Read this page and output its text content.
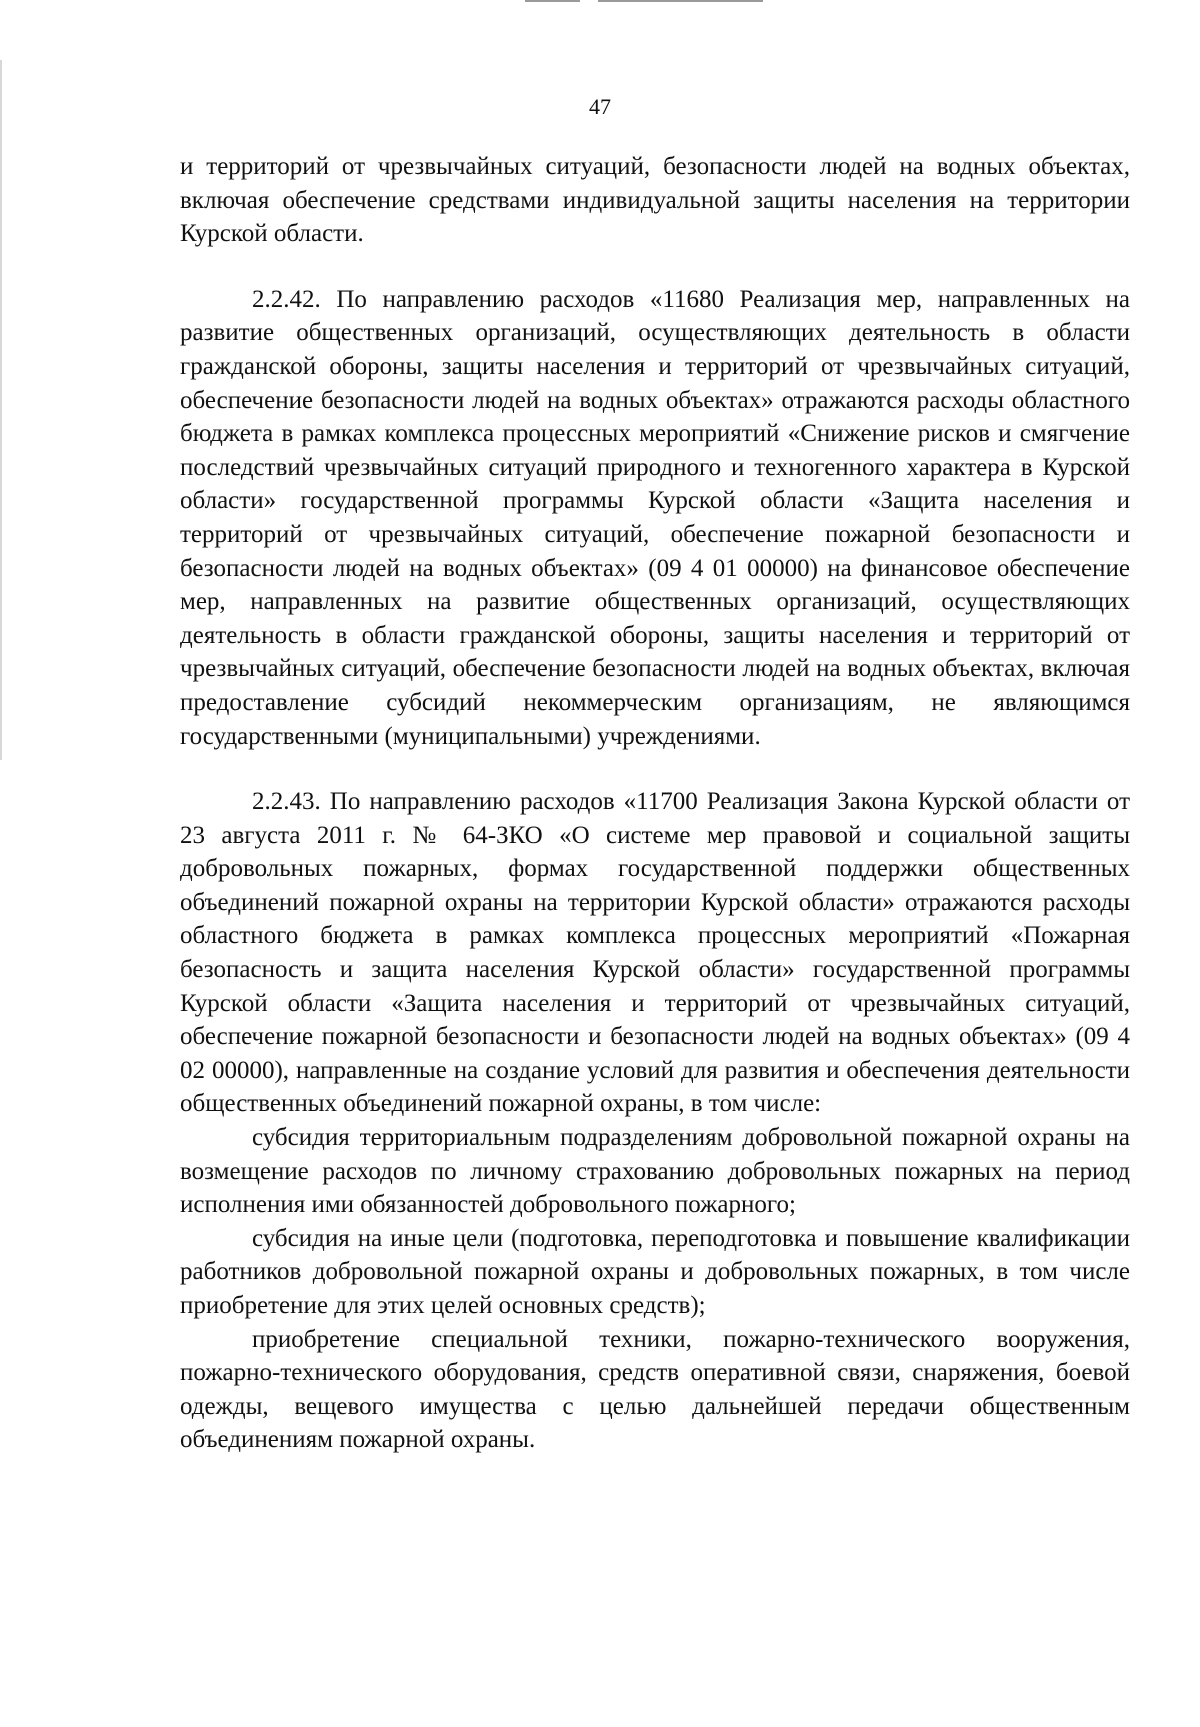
47

и территорий от чрезвычайных ситуаций, безопасности людей на водных объектах, включая обеспечение средствами индивидуальной защиты населения на территории Курской области.

2.2.42. По направлению расходов «11680 Реализация мер, направленных на развитие общественных организаций, осуществляющих деятельность в области гражданской обороны, защиты населения и территорий от чрезвычайных ситуаций, обеспечение безопасности людей на водных объектах» отражаются расходы областного бюджета в рамках комплекса процессных мероприятий «Снижение рисков и смягчение последствий чрезвычайных ситуаций природного и техногенного характера в Курской области» государственной программы Курской области «Защита населения и территорий от чрезвычайных ситуаций, обеспечение пожарной безопасности и безопасности людей на водных объектах» (09 4 01 00000) на финансовое обеспечение мер, направленных на развитие общественных организаций, осуществляющих деятельность в области гражданской обороны, защиты населения и территорий от чрезвычайных ситуаций, обеспечение безопасности людей на водных объектах, включая предоставление субсидий некоммерческим организациям, не являющимся государственными (муниципальными) учреждениями.

2.2.43. По направлению расходов «11700 Реализация Закона Курской области от 23 августа 2011 г. № 64-ЗКО «О системе мер правовой и социальной защиты добровольных пожарных, формах государственной поддержки общественных объединений пожарной охраны на территории Курской области» отражаются расходы областного бюджета в рамках комплекса процессных мероприятий «Пожарная безопасность и защита населения Курской области» государственной программы Курской области «Защита населения и территорий от чрезвычайных ситуаций, обеспечение пожарной безопасности и безопасности людей на водных объектах» (09 4 02 00000), направленные на создание условий для развития и обеспечения деятельности общественных объединений пожарной охраны, в том числе:

субсидия территориальным подразделениям добровольной пожарной охраны на возмещение расходов по личному страхованию добровольных пожарных на период исполнения ими обязанностей добровольного пожарного;

субсидия на иные цели (подготовка, переподготовка и повышение квалификации работников добровольной пожарной охраны и добровольных пожарных, в том числе приобретение для этих целей основных средств);

приобретение специальной техники, пожарно-технического вооружения, пожарно-технического оборудования, средств оперативной связи, снаряжения, боевой одежды, вещевого имущества с целью дальнейшей передачи общественным объединениям пожарной охраны.
